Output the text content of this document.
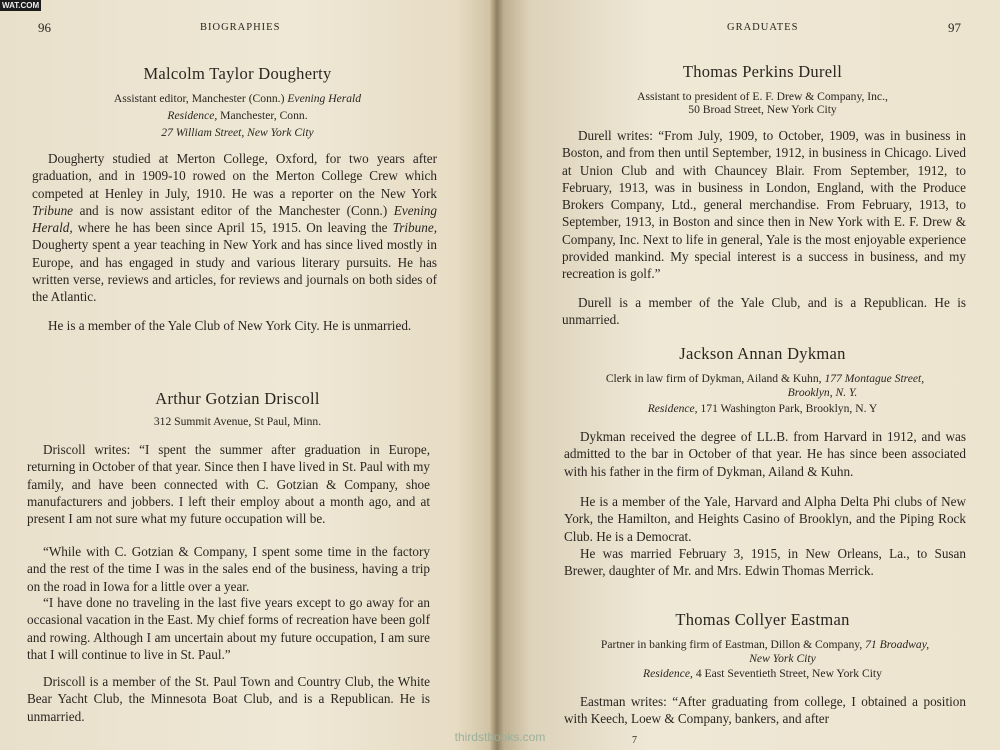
WAT.COM
96	BIOGRAPHIES
Malcolm Taylor Dougherty
Assistant editor, Manchester (Conn.) Evening Herald
Residence, Manchester, Conn.
27 William Street, New York City

Dougherty studied at Merton College, Oxford, for two years after graduation, and in 1909-10 rowed on the Merton College Crew which competed at Henley in July, 1910. He was a reporter on the New York Tribune and is now assistant editor of the Manchester (Conn.) Evening Herald, where he has been since April 15, 1915. On leaving the Tribune, Dougherty spent a year teaching in New York and has since lived mostly in Europe, and has engaged in study and various literary pursuits. He has written verse, reviews and articles, for reviews and journals on both sides of the Atlantic.

He is a member of the Yale Club of New York City. He is unmarried.

Arthur Gotzian Driscoll
312 Summit Avenue, St Paul, Minn.

Driscoll writes: “I spent the summer after graduation in Europe, returning in October of that year. Since then I have lived in St. Paul with my family, and have been connected with C. Gotzian & Company, shoe manufacturers and jobbers. I left their employ about a month ago, and at present I am not sure what my future occupation will be.

“While with C. Gotzian & Company, I spent some time in the factory and the rest of the time I was in the sales end of the business, having a trip on the road in Iowa for a little over a year.

“I have done no traveling in the last five years except to go away for an occasional vacation in the East. My chief forms of recreation have been golf and rowing. Although I am uncertain about my future occupation, I am sure that I will continue to live in St. Paul.”

Driscoll is a member of the St. Paul Town and Country Club, the White Bear Yacht Club, the Minnesota Boat Club, and is a Republican. He is unmarried.

GRADUATES	97
Thomas Perkins Durell
Assistant to president of E. F. Drew & Company, Inc.,
50 Broad Street, New York City

Durell writes: “From July, 1909, to October, 1909, was in business in Boston, and from then until September, 1912, in business in Chicago. Lived at Union Club and with Chauncey Blair. From September, 1912, to February, 1913, was in business in London, England, with the Produce Brokers Company, Ltd., general merchandise. From February, 1913, to September, 1913, in Boston and since then in New York with E. F. Drew & Company, Inc. Next to life in general, Yale is the most enjoyable experience provided mankind. My special interest is a success in business, and my recreation is golf.”

Durell is a member of the Yale Club, and is a Republican. He is unmarried.

Jackson Annan Dykman
Clerk in law firm of Dykman, Ailand & Kuhn, 177 Montague Street,
Brooklyn, N. Y.
Residence, 171 Washington Park, Brooklyn, N. Y

Dykman received the degree of LL.B. from Harvard in 1912, and was admitted to the bar in October of that year. He has since been associated with his father in the firm of Dykman, Ailand & Kuhn.

He is a member of the Yale, Harvard and Alpha Delta Phi clubs of New York, the Hamilton, and Heights Casino of Brooklyn, and the Piping Rock Club. He is a Democrat.

He was married February 3, 1915, in New Orleans, La., to Susan Brewer, daughter of Mr. and Mrs. Edwin Thomas Merrick.

Thomas Collyer Eastman
Partner in banking firm of Eastman, Dillon & Company, 71 Broadway,
New York City
Residence, 4 East Seventieth Street, New York City

Eastman writes: “After graduating from college, I obtained a position with Keech, Loew & Company, bankers, and after

7
thirdstbooks.com
